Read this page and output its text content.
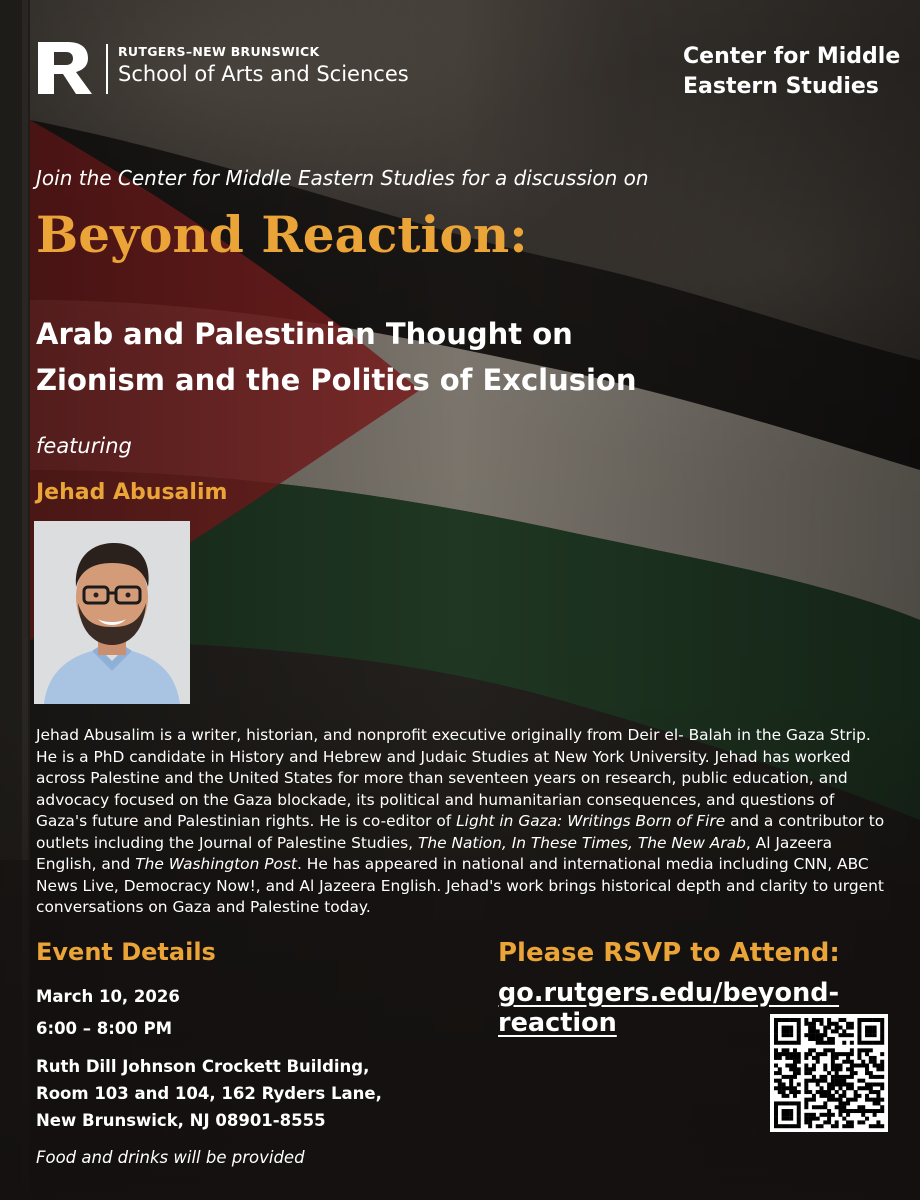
RUTGERS–NEW BRUNSWICK
School of Arts and Sciences
Center for Middle
Eastern Studies
Join the Center for Middle Eastern Studies for a discussion on
Beyond Reaction:
Arab and Palestinian Thought on
Zionism and the Politics of Exclusion
featuring
Jehad Abusalim
Jehad Abusalim is a writer, historian, and nonprofit executive originally from Deir el- Balah in the Gaza Strip. He is a PhD candidate in History and Hebrew and Judaic Studies at New York University. Jehad has worked across Palestine and the United States for more than seventeen years on research, public education, and advocacy focused on the Gaza blockade, its political and humanitarian consequences, and questions of Gaza's future and Palestinian rights. He is co-editor of Light in Gaza: Writings Born of Fire and a contributor to outlets including the Journal of Palestine Studies, The Nation, In These Times, The New Arab, Al Jazeera English, and The Washington Post. He has appeared in national and international media including CNN, ABC News Live, Democracy Now!, and Al Jazeera English. Jehad's work brings historical depth and clarity to urgent conversations on Gaza and Palestine today.
Event Details
March 10, 2026
6:00 – 8:00 PM
Ruth Dill Johnson Crockett Building,
Room 103 and 104, 162 Ryders Lane,
New Brunswick, NJ 08901-8555
Food and drinks will be provided
Please RSVP to Attend:
go.rutgers.edu/beyond-reaction
